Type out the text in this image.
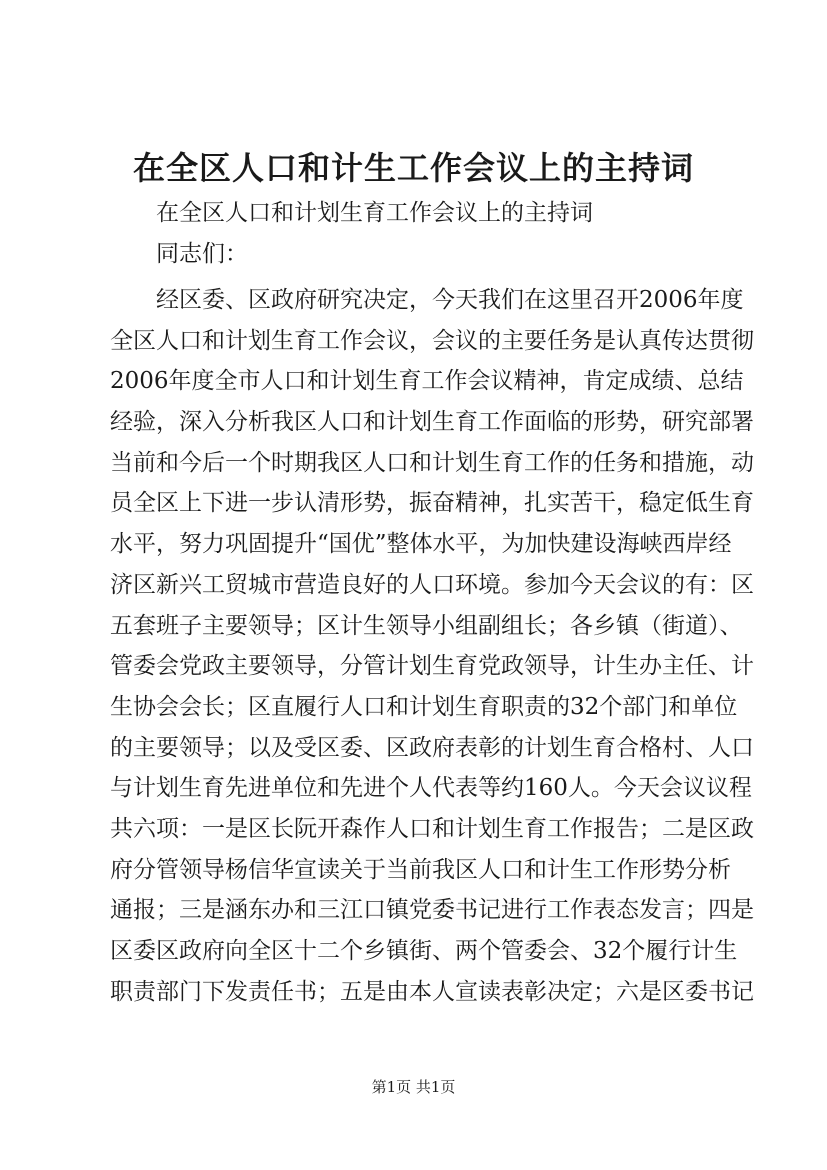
在全区人口和计生工作会议上的主持词
在全区人口和计划生育工作会议上的主持词
同志们：
经区委、区政府研究决定，今天我们在这里召开2006年度
全区人口和计划生育工作会议，会议的主要任务是认真传达贯彻
2006年度全市人口和计划生育工作会议精神，肯定成绩、总结
经验，深入分析我区人口和计划生育工作面临的形势，研究部署
当前和今后一个时期我区人口和计划生育工作的任务和措施，动
员全区上下进一步认清形势，振奋精神，扎实苦干，稳定低生育
水平，努力巩固提升“国优”整体水平，为加快建设海峡西岸经
济区新兴工贸城市营造良好的人口环境。参加今天会议的有：区
五套班子主要领导；区计生领导小组副组长；各乡镇（街道）、
管委会党政主要领导，分管计划生育党政领导，计生办主任、计
生协会会长；区直履行人口和计划生育职责的32个部门和单位
的主要领导；以及受区委、区政府表彰的计划生育合格村、人口
与计划生育先进单位和先进个人代表等约160人。今天会议议程
共六项：一是区长阮开森作人口和计划生育工作报告；二是区政
府分管领导杨信华宣读关于当前我区人口和计生工作形势分析
通报；三是涵东办和三江口镇党委书记进行工作表态发言；四是
区委区政府向全区十二个乡镇街、两个管委会、32个履行计生
职责部门下发责任书；五是由本人宣读表彰决定；六是区委书记
第1页 共1页
